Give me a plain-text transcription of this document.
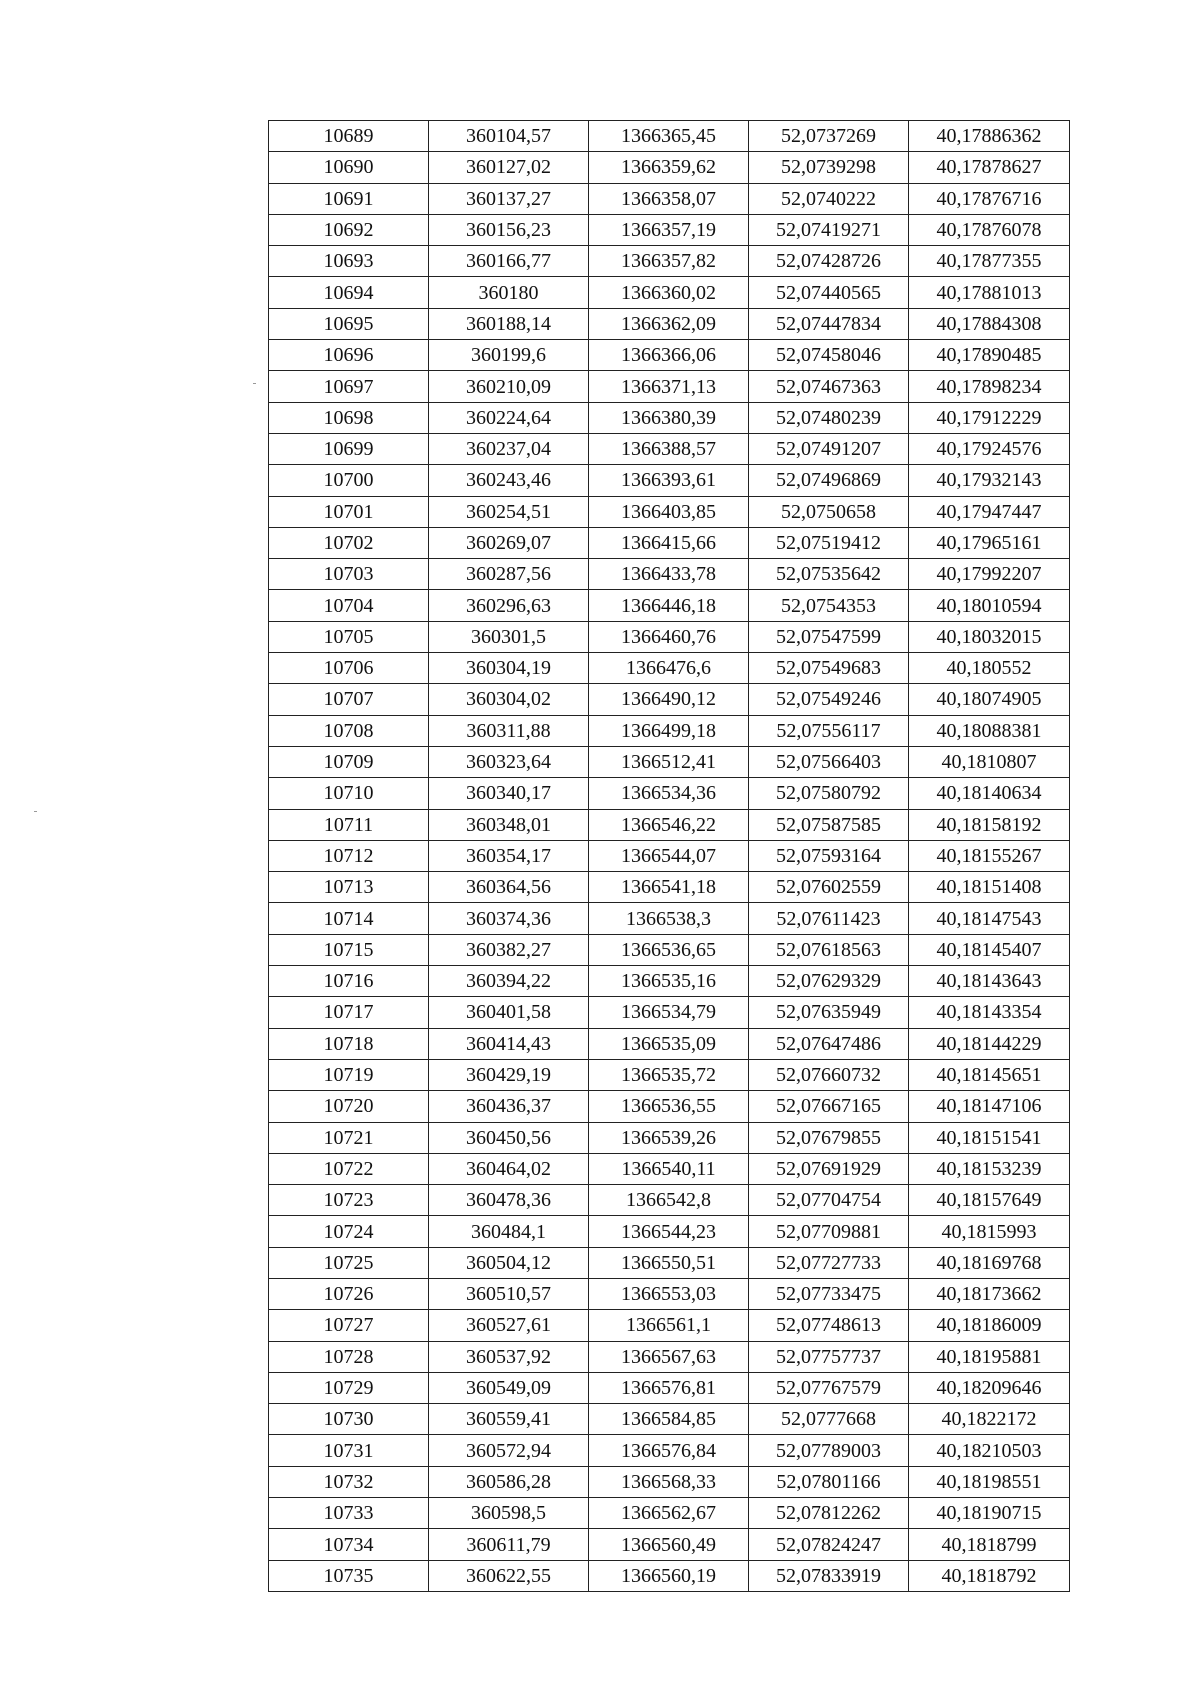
10689	360104,57	1366365,45	52,0737269	40,17886362
10690	360127,02	1366359,62	52,0739298	40,17878627
10691	360137,27	1366358,07	52,0740222	40,17876716
10692	360156,23	1366357,19	52,07419271	40,17876078
10693	360166,77	1366357,82	52,07428726	40,17877355
10694	360180	1366360,02	52,07440565	40,17881013
10695	360188,14	1366362,09	52,07447834	40,17884308
10696	360199,6	1366366,06	52,07458046	40,17890485
10697	360210,09	1366371,13	52,07467363	40,17898234
10698	360224,64	1366380,39	52,07480239	40,17912229
10699	360237,04	1366388,57	52,07491207	40,17924576
10700	360243,46	1366393,61	52,07496869	40,17932143
10701	360254,51	1366403,85	52,0750658	40,17947447
10702	360269,07	1366415,66	52,07519412	40,17965161
10703	360287,56	1366433,78	52,07535642	40,17992207
10704	360296,63	1366446,18	52,0754353	40,18010594
10705	360301,5	1366460,76	52,07547599	40,18032015
10706	360304,19	1366476,6	52,07549683	40,180552
10707	360304,02	1366490,12	52,07549246	40,18074905
10708	360311,88	1366499,18	52,07556117	40,18088381
10709	360323,64	1366512,41	52,07566403	40,1810807
10710	360340,17	1366534,36	52,07580792	40,18140634
10711	360348,01	1366546,22	52,07587585	40,18158192
10712	360354,17	1366544,07	52,07593164	40,18155267
10713	360364,56	1366541,18	52,07602559	40,18151408
10714	360374,36	1366538,3	52,07611423	40,18147543
10715	360382,27	1366536,65	52,07618563	40,18145407
10716	360394,22	1366535,16	52,07629329	40,18143643
10717	360401,58	1366534,79	52,07635949	40,18143354
10718	360414,43	1366535,09	52,07647486	40,18144229
10719	360429,19	1366535,72	52,07660732	40,18145651
10720	360436,37	1366536,55	52,07667165	40,18147106
10721	360450,56	1366539,26	52,07679855	40,18151541
10722	360464,02	1366540,11	52,07691929	40,18153239
10723	360478,36	1366542,8	52,07704754	40,18157649
10724	360484,1	1366544,23	52,07709881	40,1815993
10725	360504,12	1366550,51	52,07727733	40,18169768
10726	360510,57	1366553,03	52,07733475	40,18173662
10727	360527,61	1366561,1	52,07748613	40,18186009
10728	360537,92	1366567,63	52,07757737	40,18195881
10729	360549,09	1366576,81	52,07767579	40,18209646
10730	360559,41	1366584,85	52,0777668	40,1822172
10731	360572,94	1366576,84	52,07789003	40,18210503
10732	360586,28	1366568,33	52,07801166	40,18198551
10733	360598,5	1366562,67	52,07812262	40,18190715
10734	360611,79	1366560,49	52,07824247	40,1818799
10735	360622,55	1366560,19	52,07833919	40,1818792
